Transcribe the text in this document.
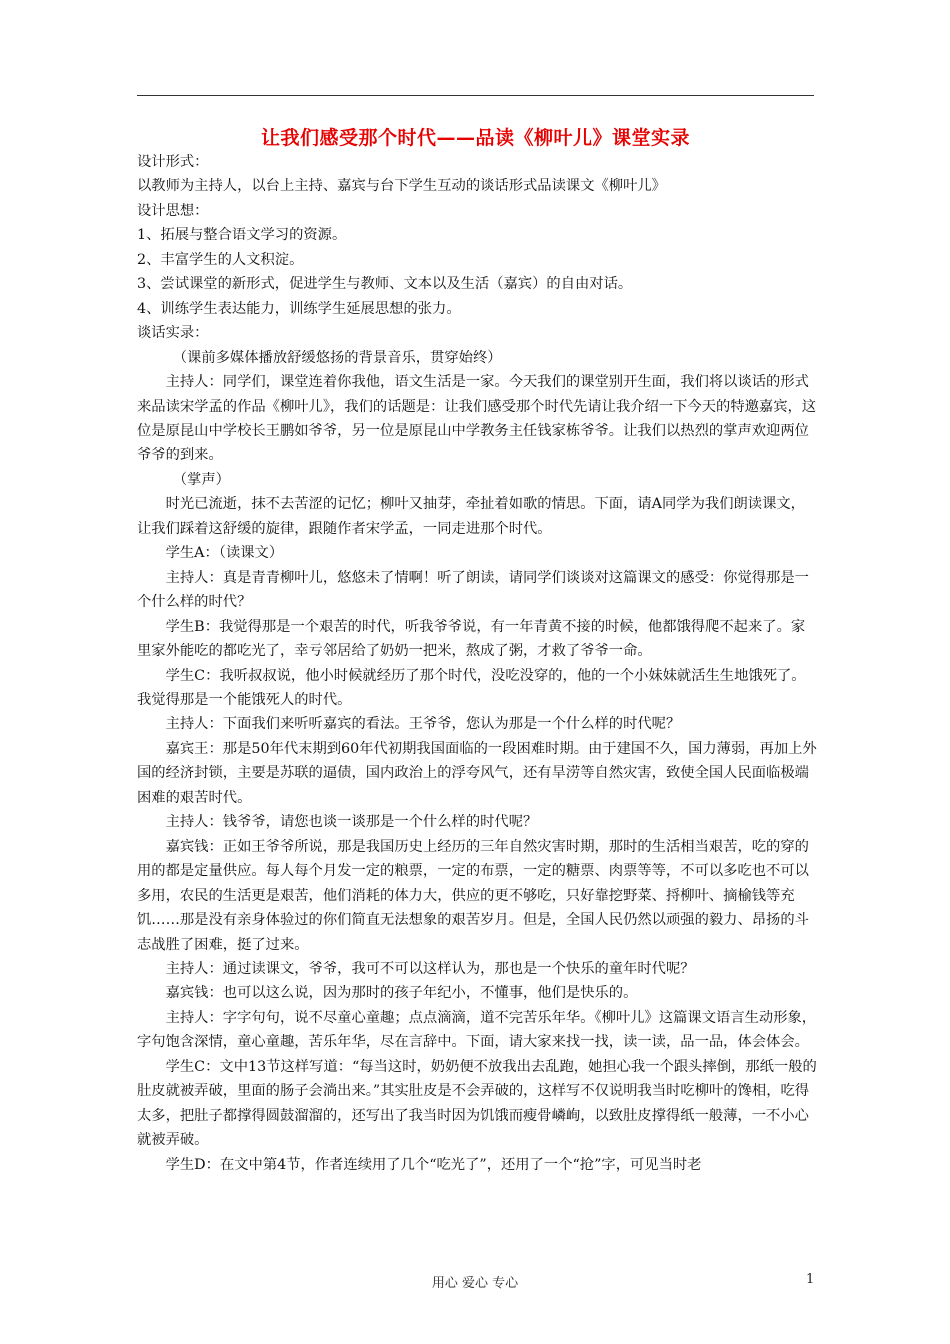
让我们感受那个时代——品读《柳叶儿》课堂实录

设计形式：

以教师为主持人，以台上主持、嘉宾与台下学生互动的谈话形式品读课文《柳叶儿》

设计思想：

1、拓展与整合语文学习的资源。

2、丰富学生的人文积淀。

3、尝试课堂的新形式，促进学生与教师、文本以及生活（嘉宾）的自由对话。

4、训练学生表达能力，训练学生延展思想的张力。

谈话实录：

（课前多媒体播放舒缓悠扬的背景音乐，贯穿始终）

主持人：同学们，课堂连着你我他，语文生活是一家。今天我们的课堂别开生面，我们将以谈话的形式来品读宋学孟的作品《柳叶儿》，我们的话题是：让我们感受那个时代先请让我介绍一下今天的特邀嘉宾，这位是原昆山中学校长王鹏如爷爷，另一位是原昆山中学教务主任钱家栋爷爷。让我们以热烈的掌声欢迎两位爷爷的到来。

（掌声）

时光已流逝，抹不去苦涩的记忆；柳叶又抽芽，牵扯着如歌的情思。下面，请A同学为我们朗读课文，让我们踩着这舒缓的旋律，跟随作者宋学孟，一同走进那个时代。

学生A：（读课文）

主持人：真是青青柳叶儿，悠悠未了情啊！听了朗读，请同学们谈谈对这篇课文的感受：你觉得那是一个什么样的时代？

学生B：我觉得那是一个艰苦的时代，听我爷爷说，有一年青黄不接的时候，他都饿得爬不起来了。家里家外能吃的都吃光了，幸亏邻居给了奶奶一把米，熬成了粥，才救了爷爷一命。

学生C：我听叔叔说，他小时候就经历了那个时代，没吃没穿的，他的一个小妹妹就活生生地饿死了。我觉得那是一个能饿死人的时代。

主持人：下面我们来听听嘉宾的看法。王爷爷，您认为那是一个什么样的时代呢？

嘉宾王：那是50年代末期到60年代初期我国面临的一段困难时期。由于建国不久，国力薄弱，再加上外国的经济封锁，主要是苏联的逼债，国内政治上的浮夸风气，还有旱涝等自然灾害，致使全国人民面临极端困难的艰苦时代。

主持人：钱爷爷，请您也谈一谈那是一个什么样的时代呢？

嘉宾钱：正如王爷爷所说，那是我国历史上经历的三年自然灾害时期，那时的生活相当艰苦，吃的穿的用的都是定量供应。每人每个月发一定的粮票，一定的布票，一定的糖票、肉票等等，不可以多吃也不可以多用，农民的生活更是艰苦，他们消耗的体力大，供应的更不够吃，只好靠挖野菜、捋柳叶、摘榆钱等充饥……那是没有亲身体验过的你们简直无法想象的艰苦岁月。但是，全国人民仍然以顽强的毅力、昂扬的斗志战胜了困难，挺了过来。

主持人：通过读课文，爷爷，我可不可以这样认为，那也是一个快乐的童年时代呢？

嘉宾钱：也可以这么说，因为那时的孩子年纪小，不懂事，他们是快乐的。

主持人：字字句句，说不尽童心童趣；点点滴滴，道不完苦乐年华。《柳叶儿》这篇课文语言生动形象，字句饱含深情，童心童趣，苦乐年华，尽在言辞中。下面，请大家来找一找，读一读，品一品，体会体会。

学生C：文中13节这样写道：“每当这时，奶奶便不放我出去乱跑，她担心我一个跟头摔倒，那纸一般的肚皮就被弄破，里面的肠子会淌出来。”其实肚皮是不会弄破的，这样写不仅说明我当时吃柳叶的馋相，吃得太多，把肚子都撑得圆鼓溜溜的，还写出了我当时因为饥饿而瘦骨嶙峋，以致肚皮撑得纸一般薄，一不小心就被弄破。

学生D：在文中第4节，作者连续用了几个“吃光了”，还用了一个“抢”字，可见当时老

用心 爱心 专心	1
